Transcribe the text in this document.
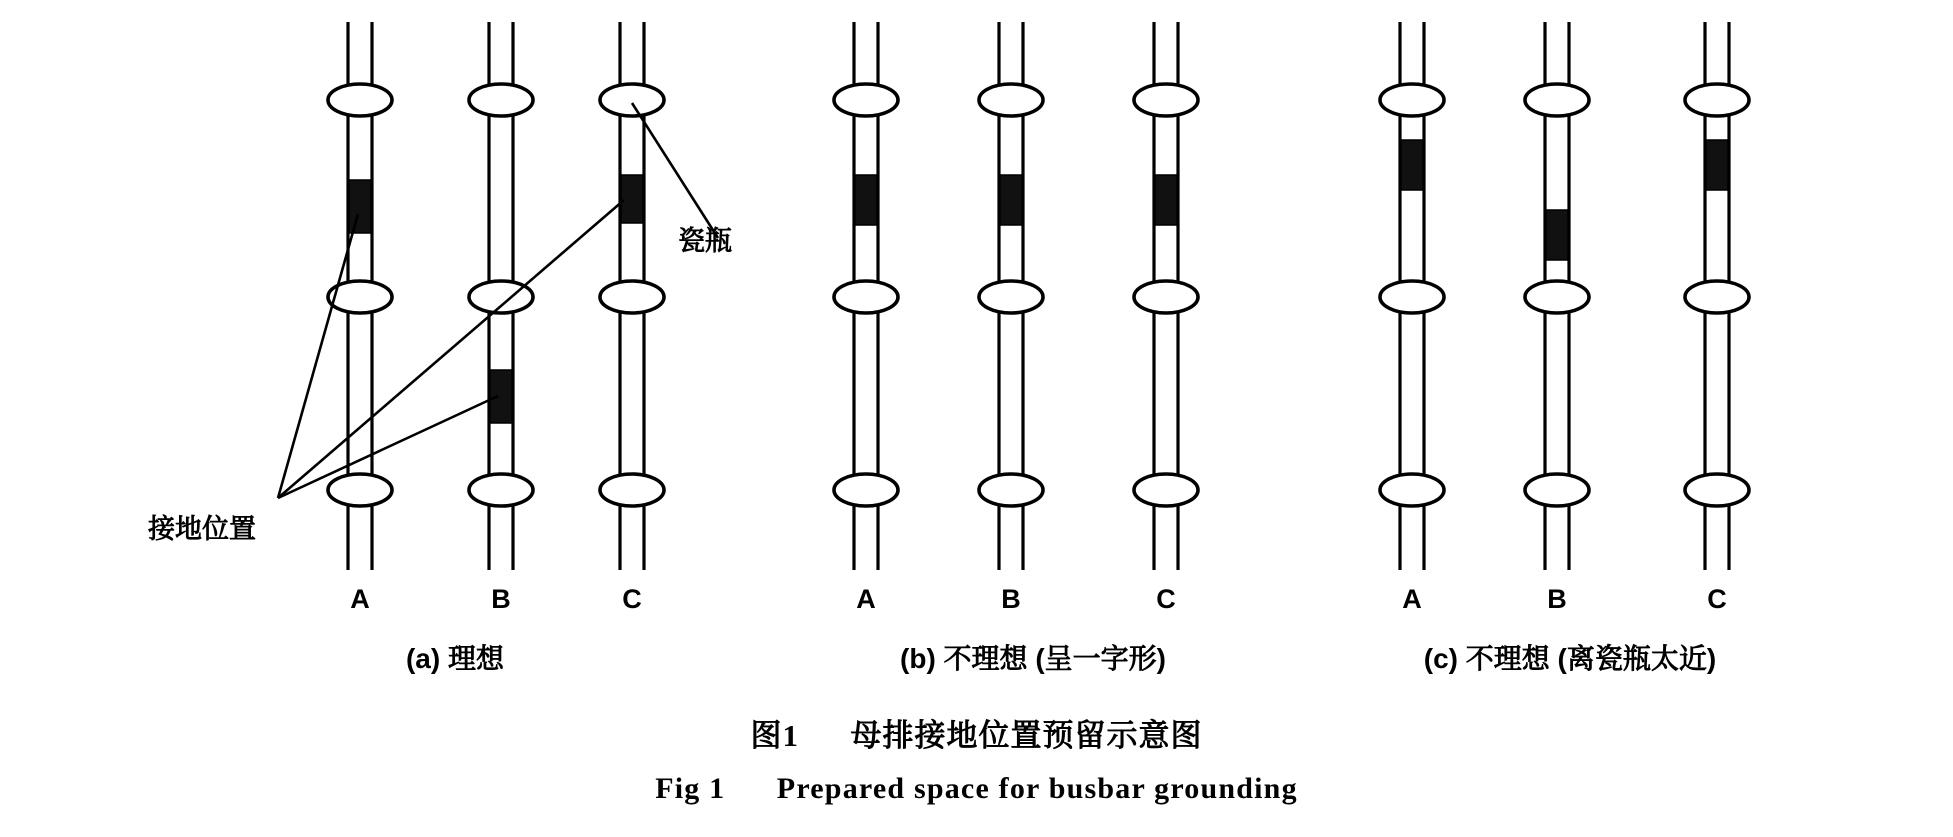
瓷瓶
接地位置
A	B	C
(a) 理想
A	B	C
(b) 不理想 (呈一字形)
A	B	C
(c) 不理想 (离瓷瓶太近)
图1 母排接地位置预留示意图
Fig 1 Prepared space for busbar grounding
